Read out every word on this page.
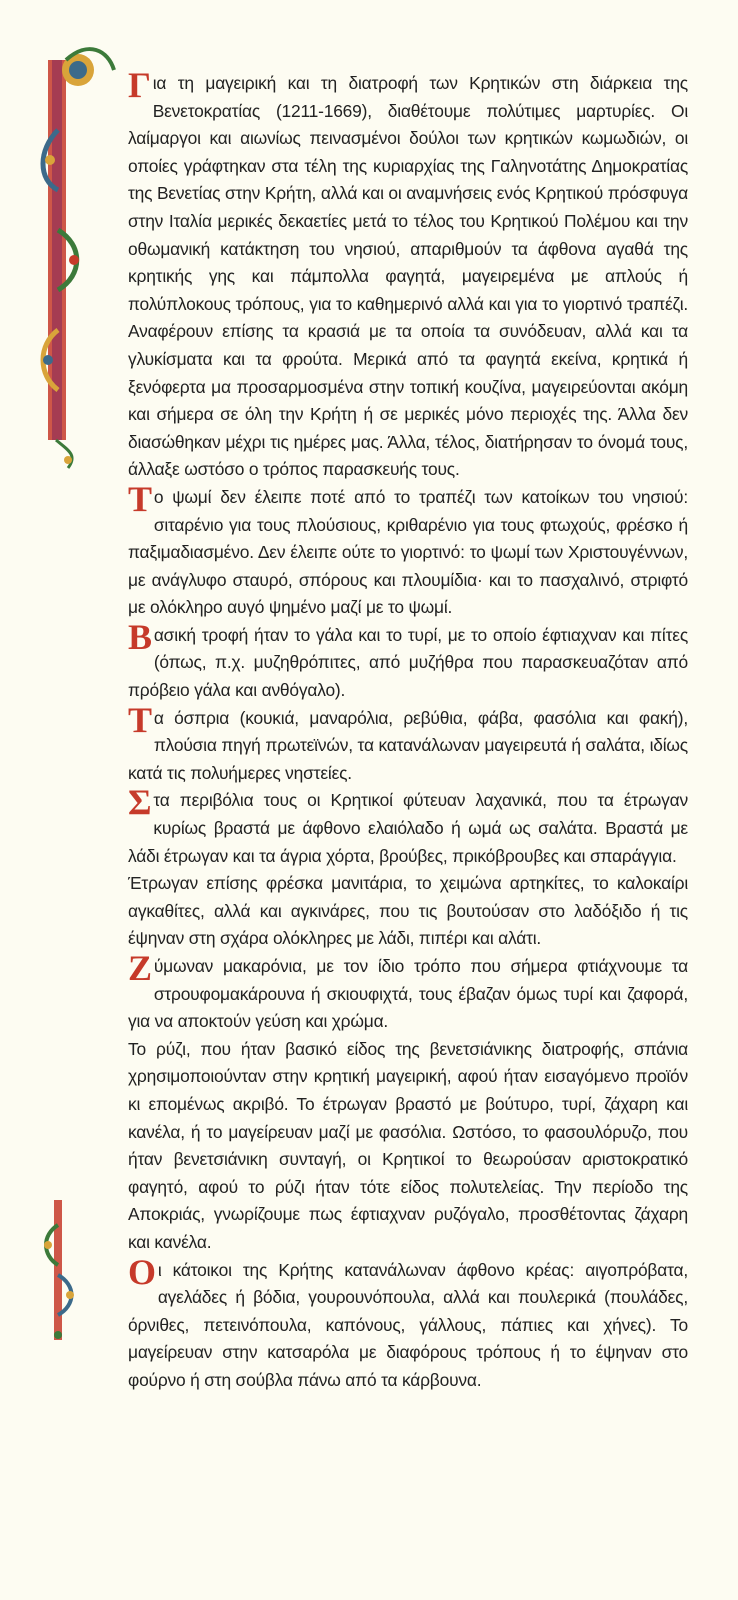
Για τη μαγειρική και τη διατροφή των Κρητικών στη διάρκεια της Βενετοκρατίας (1211-1669), διαθέτουμε πολύτιμες μαρτυρίες. Οι λαίμαργοι και αιωνίως πεινασμένοι δούλοι των κρητικών κωμωδιών, οι οποίες γράφτηκαν στα τέλη της κυριαρχίας της Γαληνοτάτης Δημοκρατίας της Βενετίας στην Κρήτη, αλλά και οι αναμνήσεις ενός Κρητικού πρόσφυγα στην Ιταλία μερικές δεκαετίες μετά το τέλος του Κρητικού Πολέμου και την οθωμανική κατάκτηση του νησιού, απαριθμούν τα άφθονα αγαθά της κρητικής γης και πάμπολλα φαγητά, μαγειρεμένα με απλούς ή πολύπλοκους τρόπους, για το καθημερινό αλλά και για το γιορτινό τραπέζι. Αναφέρουν επίσης τα κρασιά με τα οποία τα συνόδευαν, αλλά και τα γλυκίσματα και τα φρούτα. Μερικά από τα φαγητά εκείνα, κρητικά ή ξενόφερτα μα προσαρμοσμένα στην τοπική κουζίνα, μαγειρεύονται ακόμη και σήμερα σε όλη την Κρήτη ή σε μερικές μόνο περιοχές της. Άλλα δεν διασώθηκαν μέχρι τις ημέρες μας. Άλλα, τέλος, διατήρησαν το όνομά τους, άλλαξε ωστόσο ο τρόπος παρασκευής τους.

Το ψωμί δεν έλειπε ποτέ από το τραπέζι των κατοίκων του νησιού: σιταρένιο για τους πλούσιους, κριθαρένιο για τους φτωχούς, φρέσκο ή παξιμαδιασμένο. Δεν έλειπε ούτε το γιορτινό: το ψωμί των Χριστουγέννων, με ανάγλυφο σταυρό, σπόρους και πλουμίδια· και το πασχαλινό, στριφτό με ολόκληρο αυγό ψημένο μαζί με το ψωμί.

Βασική τροφή ήταν το γάλα και το τυρί, με το οποίο έφτιαχναν και πίτες (όπως, π.χ. μυζηθρόπιτες, από μυζήθρα που παρασκευαζόταν από πρόβειο γάλα και ανθόγαλο).

Τα όσπρια (κουκιά, μαναρόλια, ρεβύθια, φάβα, φασόλια και φακή), πλούσια πηγή πρωτεϊνών, τα κατανάλωναν μαγειρευτά ή σαλάτα, ιδίως κατά τις πολυήμερες νηστείες.

Στα περιβόλια τους οι Κρητικοί φύτευαν λαχανικά, που τα έτρωγαν κυρίως βραστά με άφθονο ελαιόλαδο ή ωμά ως σαλάτα. Βραστά με λάδι έτρωγαν και τα άγρια χόρτα, βρούβες, πρικόβρουβες και σπαράγγια.

Έτρωγαν επίσης φρέσκα μανιτάρια, το χειμώνα αρτηκίτες, το καλοκαίρι αγκαθίτες, αλλά και αγκινάρες, που τις βουτούσαν στο λαδόξιδο ή τις έψηναν στη σχάρα ολόκληρες με λάδι, πιπέρι και αλάτι.

Ζύμωναν μακαρόνια, με τον ίδιο τρόπο που σήμερα φτιάχνουμε τα στρουφομακάρουνα ή σκιουφιχτά, τους έβαζαν όμως τυρί και ζαφορά, για να αποκτούν γεύση και χρώμα.

Το ρύζι, που ήταν βασικό είδος της βενετσιάνικης διατροφής, σπάνια χρησιμοποιούνταν στην κρητική μαγειρική, αφού ήταν εισαγόμενο προϊόν κι επομένως ακριβό. Το έτρωγαν βραστό με βούτυρο, τυρί, ζάχαρη και κανέλα, ή το μαγείρευαν μαζί με φασόλια. Ωστόσο, το φασουλόρυζο, που ήταν βενετσιάνικη συνταγή, οι Κρητικοί το θεωρούσαν αριστοκρατικό φαγητό, αφού το ρύζι ήταν τότε είδος πολυτελείας. Την περίοδο της Αποκριάς, γνωρίζουμε πως έφτιαχναν ρυζόγαλο, προσθέτοντας ζάχαρη και κανέλα.

Οι κάτοικοι της Κρήτης κατανάλωναν άφθονο κρέας: αιγοπρόβατα, αγελάδες ή βόδια, γουρουνόπουλα, αλλά και πουλερικά (πουλάδες, όρνιθες, πετεινόπουλα, καπόνους, γάλλους, πάπιες και χήνες). Το μαγείρευαν στην κατσαρόλα με διαφόρους τρόπους ή το έψηναν στο φούρνο ή στη σούβλα πάνω από τα κάρβουνα.
